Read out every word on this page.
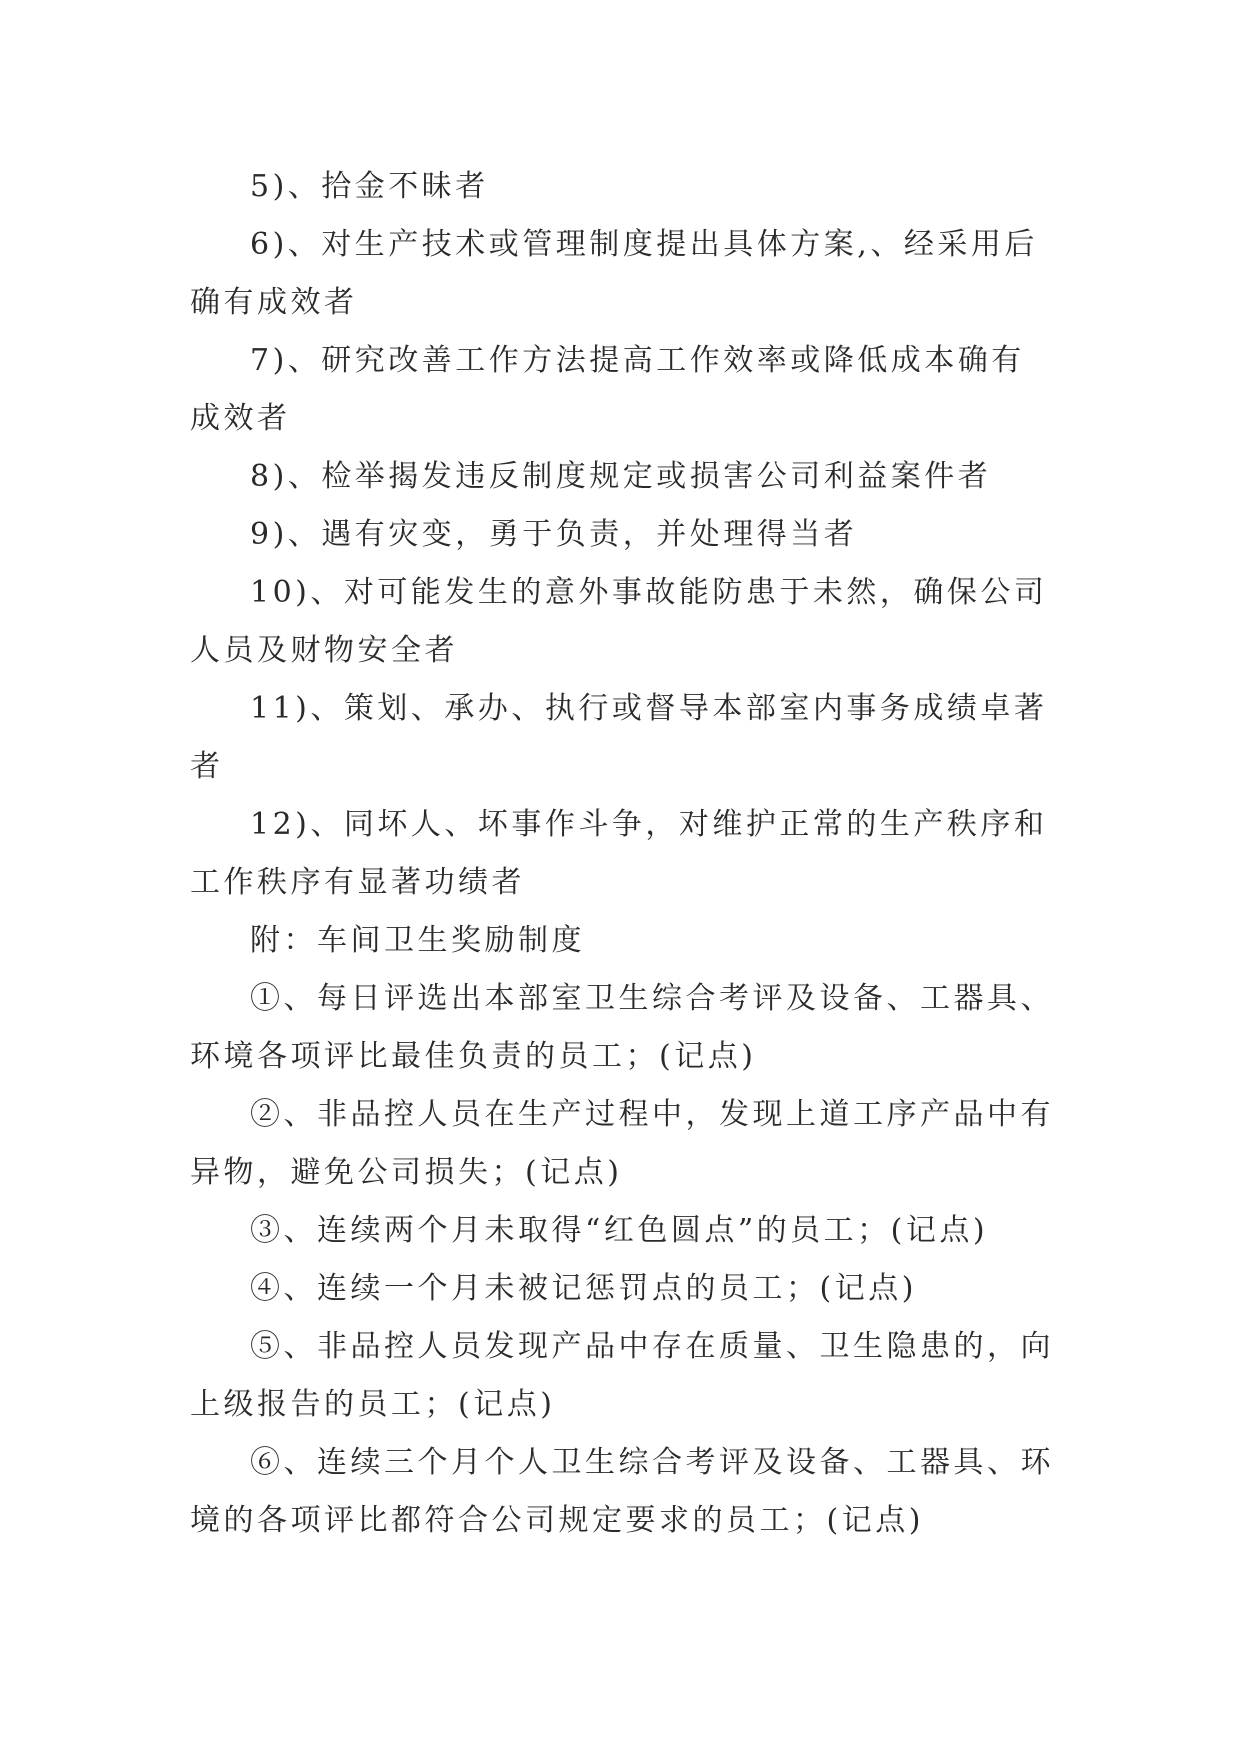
5)、拾金不昧者

6)、对生产技术或管理制度提出具体方案,、经采用后确有成效者

7)、研究改善工作方法提高工作效率或降低成本确有成效者

8)、检举揭发违反制度规定或损害公司利益案件者

9)、遇有灾变，勇于负责，并处理得当者

10)、对可能发生的意外事故能防患于未然，确保公司人员及财物安全者

11)、策划、承办、执行或督导本部室内事务成绩卓著者

12)、同坏人、坏事作斗争，对维护正常的生产秩序和工作秩序有显著功绩者

附：车间卫生奖励制度

①、每日评选出本部室卫生综合考评及设备、工器具、环境各项评比最佳负责的员工；(记点)

②、非品控人员在生产过程中，发现上道工序产品中有异物，避免公司损失；(记点)

③、连续两个月未取得“红色圆点”的员工；(记点)

④、连续一个月未被记惩罚点的员工；(记点)

⑤、非品控人员发现产品中存在质量、卫生隐患的，向上级报告的员工；(记点)

⑥、连续三个月个人卫生综合考评及设备、工器具、环境的各项评比都符合公司规定要求的员工；(记点)
